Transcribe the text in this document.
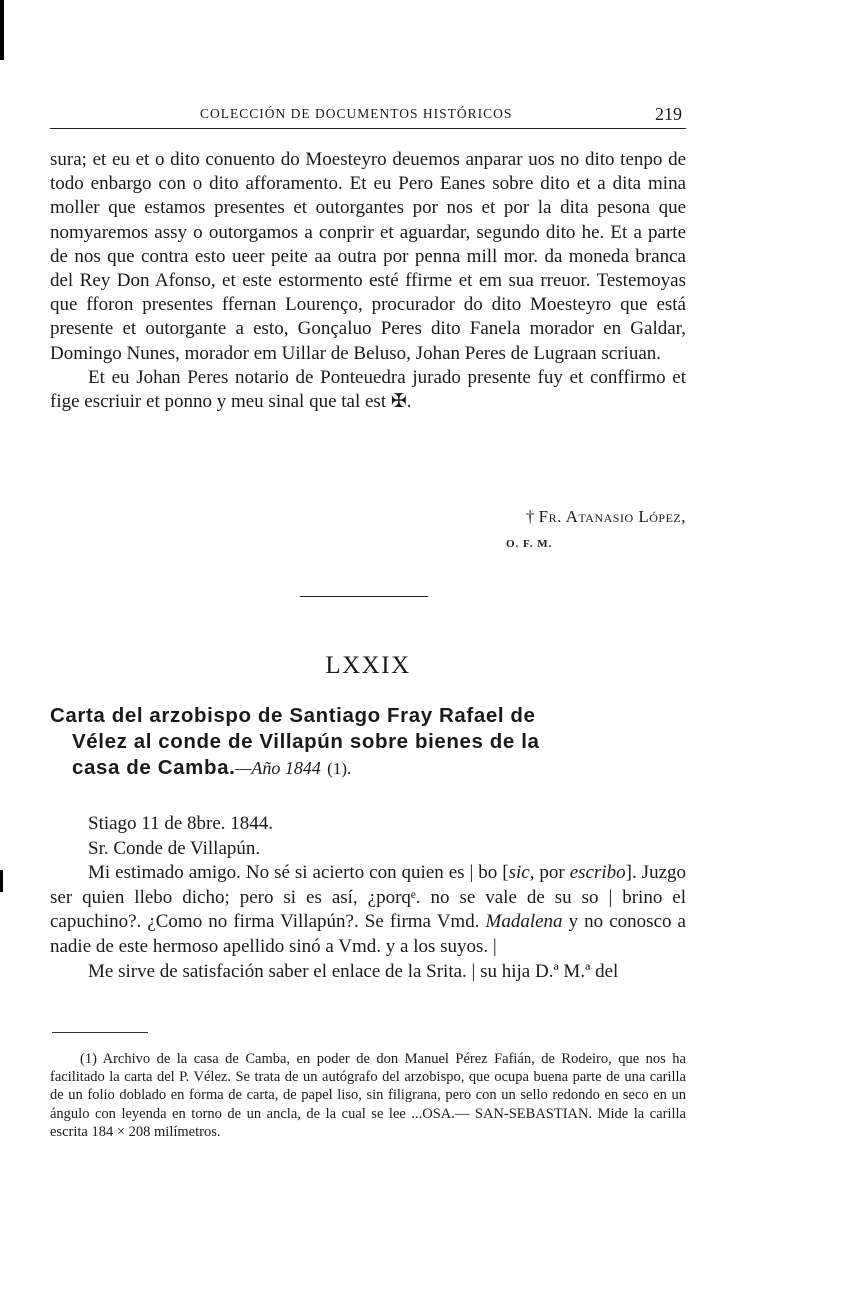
COLECCIÓN DE DOCUMENTOS HISTÓRICOS	219

sura; et eu et o dito conuento do Moesteyro deuemos anparar uos no dito tenpo de todo enbargo con o dito afforamento. Et eu Pero Eanes sobre dito et a dita mina moller que estamos presentes et outorgantes por nos et por la dita pesona que nomyaremos assy o outorgamos a conprir et aguardar, segundo dito he. Et a parte de nos que contra esto ueer peite aa outra por penna mill mor. da moneda branca del Rey Don Afonso, et este estormento esté ffirme et em sua rreuor. Testemoyas que fforon presentes ffernan Lourenço, procurador do dito Moesteyro que está presente et outorgante a esto, Gonçaluo Peres dito Fanela morador en Galdar, Domingo Nunes, morador em Uillar de Beluso, Johan Peres de Lugraan scriuan.

Et eu Johan Peres notario de Ponteuedra jurado presente fuy et conffirmo et fige escriuir et ponno y meu sinal que tal est ✠.

† Fr. Atanasio López,
O. F. M.
LXXIX
Carta del arzobispo de Santiago Fray Rafael de
Vélez al conde de Villapún sobre bienes de la
casa de Camba.—Año 1844 (1).

Stiago 11 de 8bre. 1844.

Sr. Conde de Villapún.

Mi estimado amigo. No sé si acierto con quien es | bo [sic, por escribo]. Juzgo ser quien llebo dicho; pero si es así, ¿porqᵉ. no se vale de su so | brino el capuchino?. ¿Como no firma Villapún?. Se firma Vmd. Madalena y no conosco a nadie de este hermoso apellido sinó a Vmd. y a los suyos. |

Me sirve de satisfación saber el enlace de la Srita. | su hija D.ª M.ª del

(1) Archivo de la casa de Camba, en poder de don Manuel Pérez Fafián, de Rodeiro, que nos ha facilitado la carta del P. Vélez. Se trata de un autógrafo del arzobispo, que ocupa buena parte de una carilla de un folio doblado en forma de carta, de papel liso, sin filigrana, pero con un sello redondo en seco en un ángulo con leyenda en torno de un ancla, de la cual se lee ...OSA.— SAN-SEBASTIAN. Mide la carilla escrita 184 × 208 milímetros.
